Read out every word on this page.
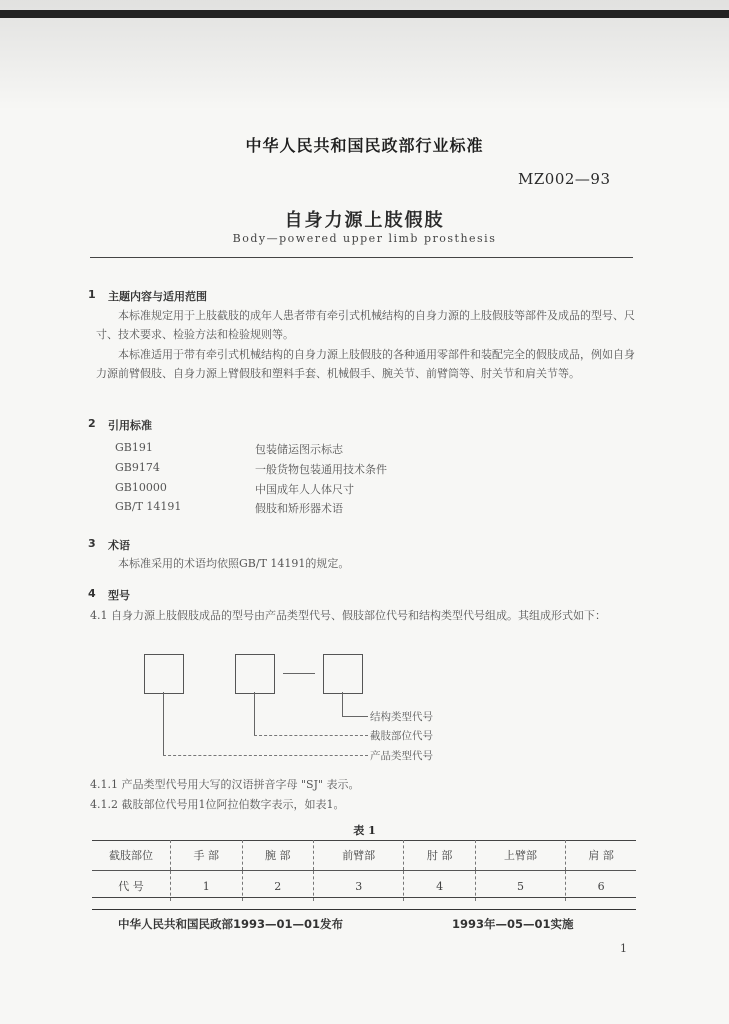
中华人民共和国民政部行业标准
MZ002—93
自身力源上肢假肢
Body—powered upper limb prosthesis
1 主题内容与适用范围
本标准规定用于上肢截肢的成年人患者带有牵引式机械结构的自身力源的上肢假肢等部件及成品的型号、尺寸、技术要求、检验方法和检验规则等。
本标准适用于带有牵引式机械结构的自身力源上肢假肢的各种通用零部件和装配完全的假肢成品，例如自身力源前臂假肢、自身力源上臂假肢和塑料手套、机械假手、腕关节、前臂筒等、肘关节和肩关节等。
2 引用标准
GB191	包装储运图示标志
GB9174	一般货物包装通用技术条件
GB10000	中国成年人人体尺寸
GB/T 14191	假肢和矫形器术语
3 术语
本标准采用的术语均依照GB/T 14191的规定。
4 型号
4.1 自身力源上肢假肢成品的型号由产品类型代号、假肢部位代号和结构类型代号组成。其组成形式如下：
结构类型代号
截肢部位代号
产品类型代号
4.1.1 产品类型代号用大写的汉语拼音字母 "SJ" 表示。
4.1.2 截肢部位代号用1位阿拉伯数字表示，如表1。
表 1
截肢部位	手 部	腕 部	前臂部	肘 部	上臂部	肩 部
代 号	1	2	3	4	5	6
中华人民共和国民政部1993—01—01发布	1993年—05—01实施
1
